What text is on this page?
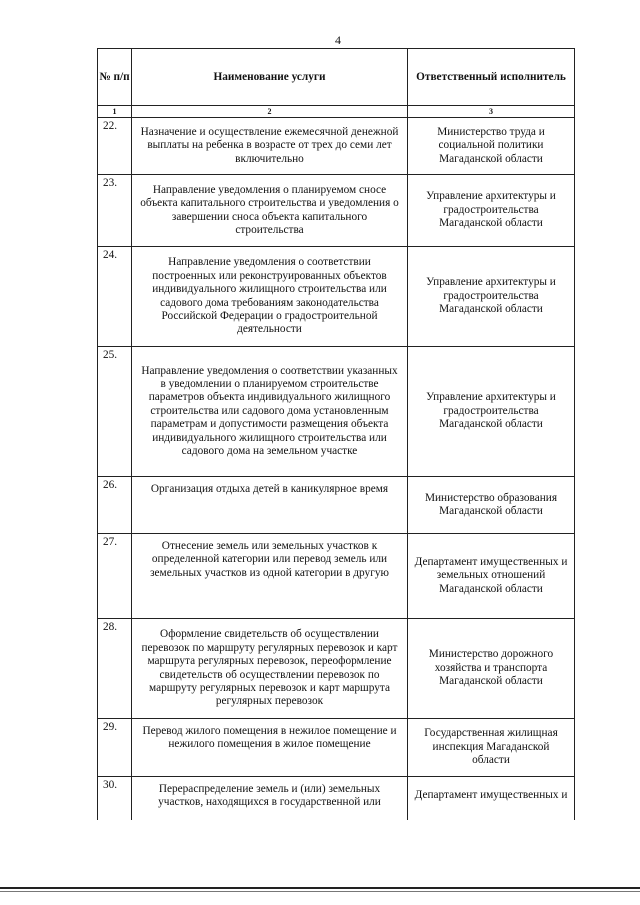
4
№ п/п	Наименование услуги	Ответственный исполнитель
1	2	3
22.	Назначение и осуществление ежемесячной денежной выплаты на ребенка в возрасте от трех до семи лет включительно	Министерство труда и социальной политики Магаданской области
23.	Направление уведомления о планируемом сносе объекта капитального строительства и уведомления о завершении сноса объекта капитального строительства	Управление архитектуры и градостроительства Магаданской области
24.	Направление уведомления о соответствии построенных или реконструированных объектов индивидуального жилищного строительства или садового дома требованиям законодательства Российской Федерации о градостроительной деятельности	Управление архитектуры и градостроительства Магаданской области
25.	Направление уведомления о соответствии указанных в уведомлении о планируемом строительстве параметров объекта индивидуального жилищного строительства или садового дома установленным параметрам и допустимости размещения объекта индивидуального жилищного строительства или садового дома на земельном участке	Управление архитектуры и градостроительства Магаданской области
26.	Организация отдыха детей в каникулярное время	Министерство образования Магаданской области
27.	Отнесение земель или земельных участков к определенной категории или перевод земель или земельных участков из одной категории в другую	Департамент имущественных и земельных отношений Магаданской области
28.	Оформление свидетельств об осуществлении перевозок по маршруту регулярных перевозок и карт маршрута регулярных перевозок, переоформление свидетельств об осуществлении перевозок по маршруту регулярных перевозок и карт маршрута регулярных перевозок	Министерство дорожного хозяйства и транспорта Магаданской области
29.	Перевод жилого помещения в нежилое помещение и нежилого помещения в жилое помещение	Государственная жилищная инспекция Магаданской области
30.	Перераспределение земель и (или) земельных участков, находящихся в государственной или	Департамент имущественных и
